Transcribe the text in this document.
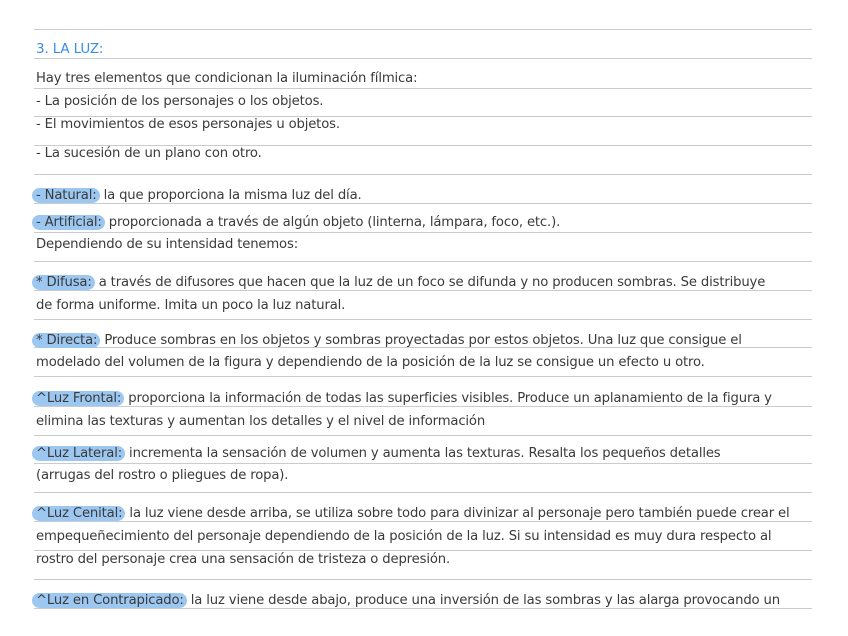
3. LA LUZ:
Hay tres elementos que condicionan la iluminación fílmica:
- La posición de los personajes o los objetos.
- El movimientos de esos personajes u objetos.
- La sucesión de un plano con otro.
- Natural: la que proporciona la misma luz del día.
- Artificial: proporcionada a través de algún objeto (linterna, lámpara, foco, etc.).
Dependiendo de su intensidad tenemos:
* Difusa: a través de difusores que hacen que la luz de un foco se difunda y no producen sombras. Se distribuye
de forma uniforme. Imita un poco la luz natural.
* Directa: Produce sombras en los objetos y sombras proyectadas por estos objetos. Una luz que consigue el
modelado del volumen de la figura y dependiendo de la posición de la luz se consigue un efecto u otro.
^Luz Frontal: proporciona la información de todas las superficies visibles. Produce un aplanamiento de la figura y
elimina las texturas y aumentan los detalles y el nivel de información
^Luz Lateral: incrementa la sensación de volumen y aumenta las texturas. Resalta los pequeños detalles
(arrugas del rostro o pliegues de ropa).
^Luz Cenital: la luz viene desde arriba, se utiliza sobre todo para divinizar al personaje pero también puede crear el
empequeñecimiento del personaje dependiendo de la posición de la luz. Si su intensidad es muy dura respecto al
rostro del personaje crea una sensación de tristeza o depresión.
^Luz en Contrapicado: la luz viene desde abajo, produce una inversión de las sombras y las alarga provocando un
